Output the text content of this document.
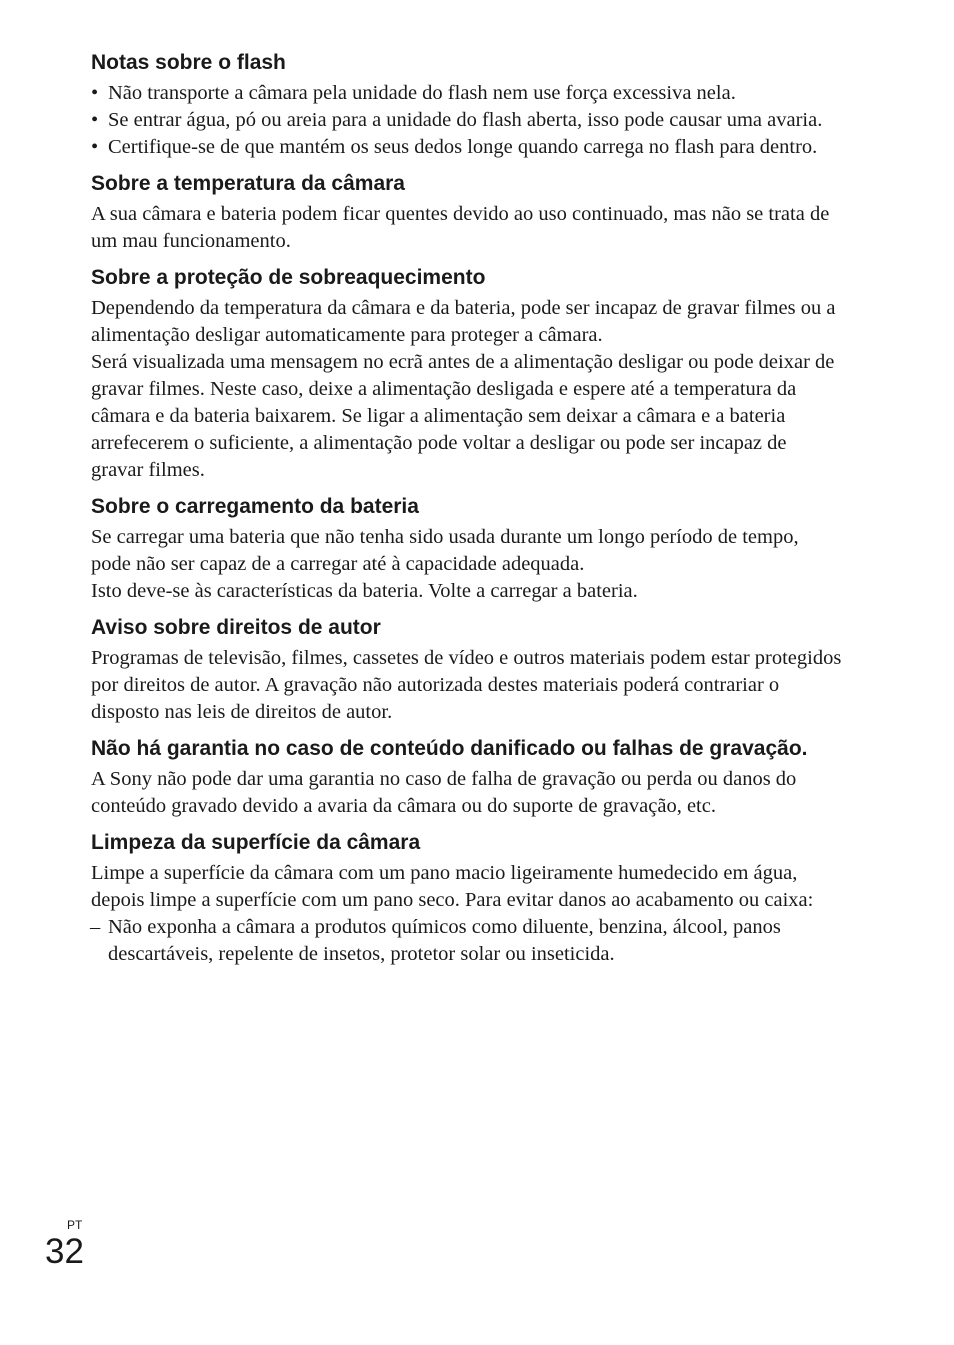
Notas sobre o flash
• Não transporte a câmara pela unidade do flash nem use força excessiva nela.
• Se entrar água, pó ou areia para a unidade do flash aberta, isso pode causar uma avaria.
• Certifique-se de que mantém os seus dedos longe quando carrega no flash para dentro.
Sobre a temperatura da câmara

A sua câmara e bateria podem ficar quentes devido ao uso continuado, mas não se trata de um mau funcionamento.

Sobre a proteção de sobreaquecimento

Dependendo da temperatura da câmara e da bateria, pode ser incapaz de gravar filmes ou a alimentação desligar automaticamente para proteger a câmara.

Será visualizada uma mensagem no ecrã antes de a alimentação desligar ou pode deixar de gravar filmes. Neste caso, deixe a alimentação desligada e espere até a temperatura da câmara e da bateria baixarem. Se ligar a alimentação sem deixar a câmara e a bateria arrefecerem o suficiente, a alimentação pode voltar a desligar ou pode ser incapaz de gravar filmes.

Sobre o carregamento da bateria

Se carregar uma bateria que não tenha sido usada durante um longo período de tempo, pode não ser capaz de a carregar até à capacidade adequada.

Isto deve-se às características da bateria. Volte a carregar a bateria.

Aviso sobre direitos de autor

Programas de televisão, filmes, cassetes de vídeo e outros materiais podem estar protegidos por direitos de autor. A gravação não autorizada destes materiais poderá contrariar o disposto nas leis de direitos de autor.

Não há garantia no caso de conteúdo danificado ou falhas de gravação.

A Sony não pode dar uma garantia no caso de falha de gravação ou perda ou danos do conteúdo gravado devido a avaria da câmara ou do suporte de gravação, etc.

Limpeza da superfície da câmara

Limpe a superfície da câmara com um pano macio ligeiramente humedecido em água, depois limpe a superfície com um pano seco. Para evitar danos ao acabamento ou caixa:

– Não exponha a câmara a produtos químicos como diluente, benzina, álcool, panos descartáveis, repelente de insetos, protetor solar ou inseticida.
PT
32
